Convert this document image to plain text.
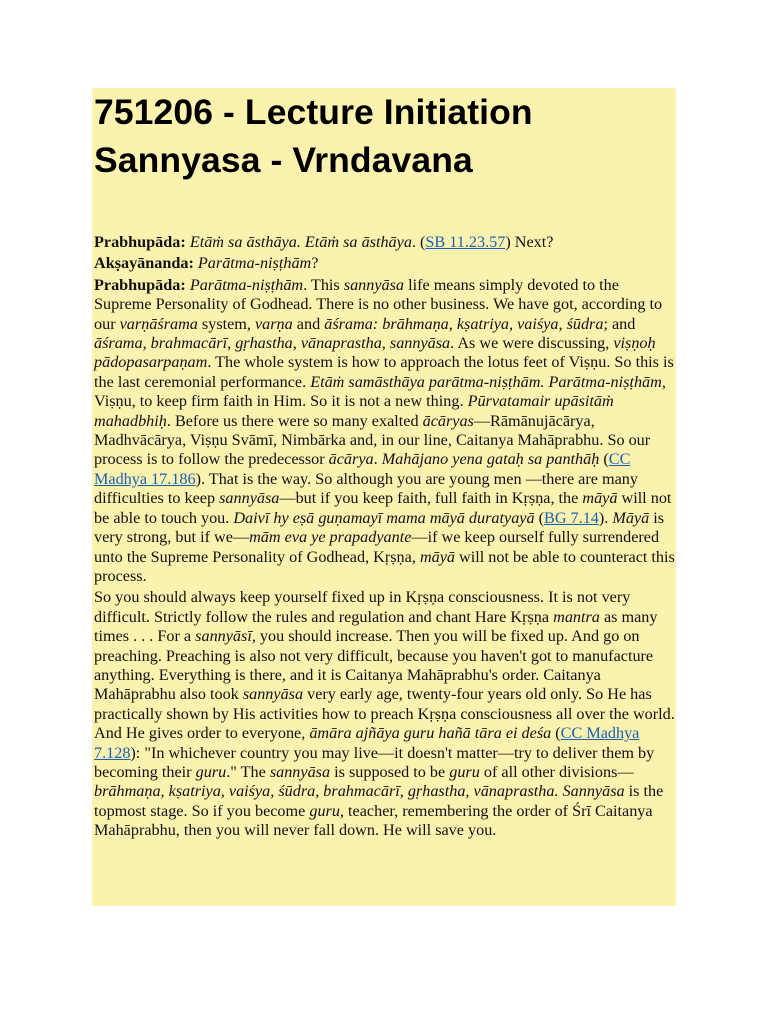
751206 - Lecture Initiation Sannyasa - Vrndavana

Prabhupāda: Etāṁ sa āsthāya. Etāṁ sa āsthāya. (SB 11.23.57) Next?

Akṣayānanda: Parātma-niṣṭhām?

Prabhupāda: Parātma-niṣṭhām. This sannyāsa life means simply devoted to the Supreme Personality of Godhead. There is no other business. We have got, according to our varṇāśrama system, varṇa and āśrama: brāhmaṇa, kṣatriya, vaiśya, śūdra; and āśrama, brahmacārī, gṛhastha, vānaprastha, sannyāsa. As we were discussing, viṣṇoḥ pādopasarpaṇam. The whole system is how to approach the lotus feet of Viṣṇu. So this is the last ceremonial performance. Etāṁ samāsthāya parātma-niṣṭhām. Parātma-niṣṭhām, Viṣṇu, to keep firm faith in Him. So it is not a new thing. Pūrvatamair upāsitāṁ mahadbhiḥ. Before us there were so many exalted ācāryas—Rāmānujācārya, Madhvācārya, Viṣṇu Svāmī, Nimbārka and, in our line, Caitanya Mahāprabhu. So our process is to follow the predecessor ācārya. Mahājano yena gataḥ sa panthāḥ (CC Madhya 17.186). That is the way. So although you are young men —there are many difficulties to keep sannyāsa—but if you keep faith, full faith in Kṛṣṇa, the māyā will not be able to touch you. Daivī hy eṣā guṇamayī mama māyā duratyayā (BG 7.14). Māyā is very strong, but if we—mām eva ye prapadyante—if we keep ourself fully surrendered unto the Supreme Personality of Godhead, Kṛṣṇa, māyā will not be able to counteract this process.

So you should always keep yourself fixed up in Kṛṣṇa consciousness. It is not very difficult. Strictly follow the rules and regulation and chant Hare Kṛṣṇa mantra as many times . . . For a sannyāsī, you should increase. Then you will be fixed up. And go on preaching. Preaching is also not very difficult, because you haven't got to manufacture anything. Everything is there, and it is Caitanya Mahāprabhu's order. Caitanya Mahāprabhu also took sannyāsa very early age, twenty-four years old only. So He has practically shown by His activities how to preach Kṛṣṇa consciousness all over the world. And He gives order to everyone, āmāra ajñāya guru hañā tāra ei deśa (CC Madhya 7.128): "In whichever country you may live—it doesn't matter—try to deliver them by becoming their guru." The sannyāsa is supposed to be guru of all other divisions—brāhmaṇa, kṣatriya, vaiśya, śūdra, brahmacārī, gṛhastha, vānaprastha. Sannyāsa is the topmost stage. So if you become guru, teacher, remembering the order of Śrī Caitanya Mahāprabhu, then you will never fall down. He will save you.
